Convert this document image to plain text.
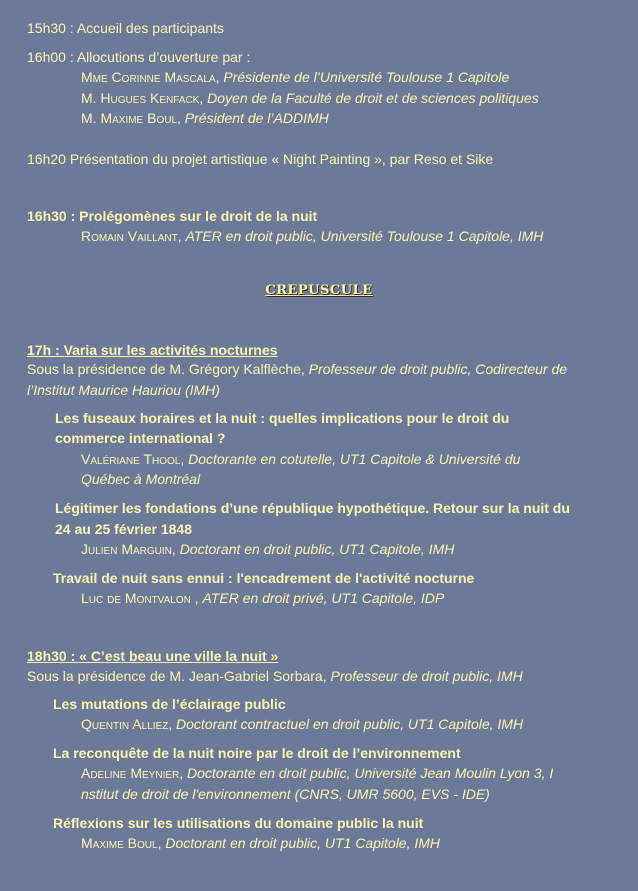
15h30 : Accueil des participants
16h00 : Allocutions d’ouverture par :
Mme Corinne Mascala, Présidente de l’Université Toulouse 1 Capitole
M. Hugues Kenfack, Doyen de la Faculté de droit et de sciences politiques
M. Maxime Boul, Président de l’ADDIMH
16h20 Présentation du projet artistique « Night Painting », par Reso et Sike
16h30 : Prolégomènes sur le droit de la nuit
Romain Vaillant, ATER en droit public, Université Toulouse 1 Capitole, IMH
CREPUSCULE
17h : Varia sur les activités nocturnes
Sous la présidence de M. Grégory Kalflèche, Professeur de droit public, Codirecteur de
l’Institut Maurice Hauriou (IMH)
Les fuseaux horaires et la nuit : quelles implications pour le droit du
commerce international ?
Valériane Thool, Doctorante en cotutelle, UT1 Capitole & Université du
Québec à Montréal
Légitimer les fondations d’une république hypothétique. Retour sur la nuit du
24 au 25 février 1848
Julien Marguin, Doctorant en droit public, UT1 Capitole, IMH
Travail de nuit sans ennui : l'encadrement de l'activité nocturne
Luc de Montvalon , ATER en droit privé, UT1 Capitole, IDP
18h30 : « C’est beau une ville la nuit »
Sous la présidence de M. Jean-Gabriel Sorbara, Professeur de droit public, IMH
Les mutations de l’éclairage public
Quentin Alliez, Doctorant contractuel en droit public, UT1 Capitole, IMH
La reconquête de la nuit noire par le droit de l’environnement
Adeline Meynier, Doctorante en droit public, Université Jean Moulin Lyon 3, I
nstitut de droit de l'environnement (CNRS, UMR 5600, EVS - IDE)
Réflexions sur les utilisations du domaine public la nuit
Maxime Boul, Doctorant en droit public, UT1 Capitole, IMH
